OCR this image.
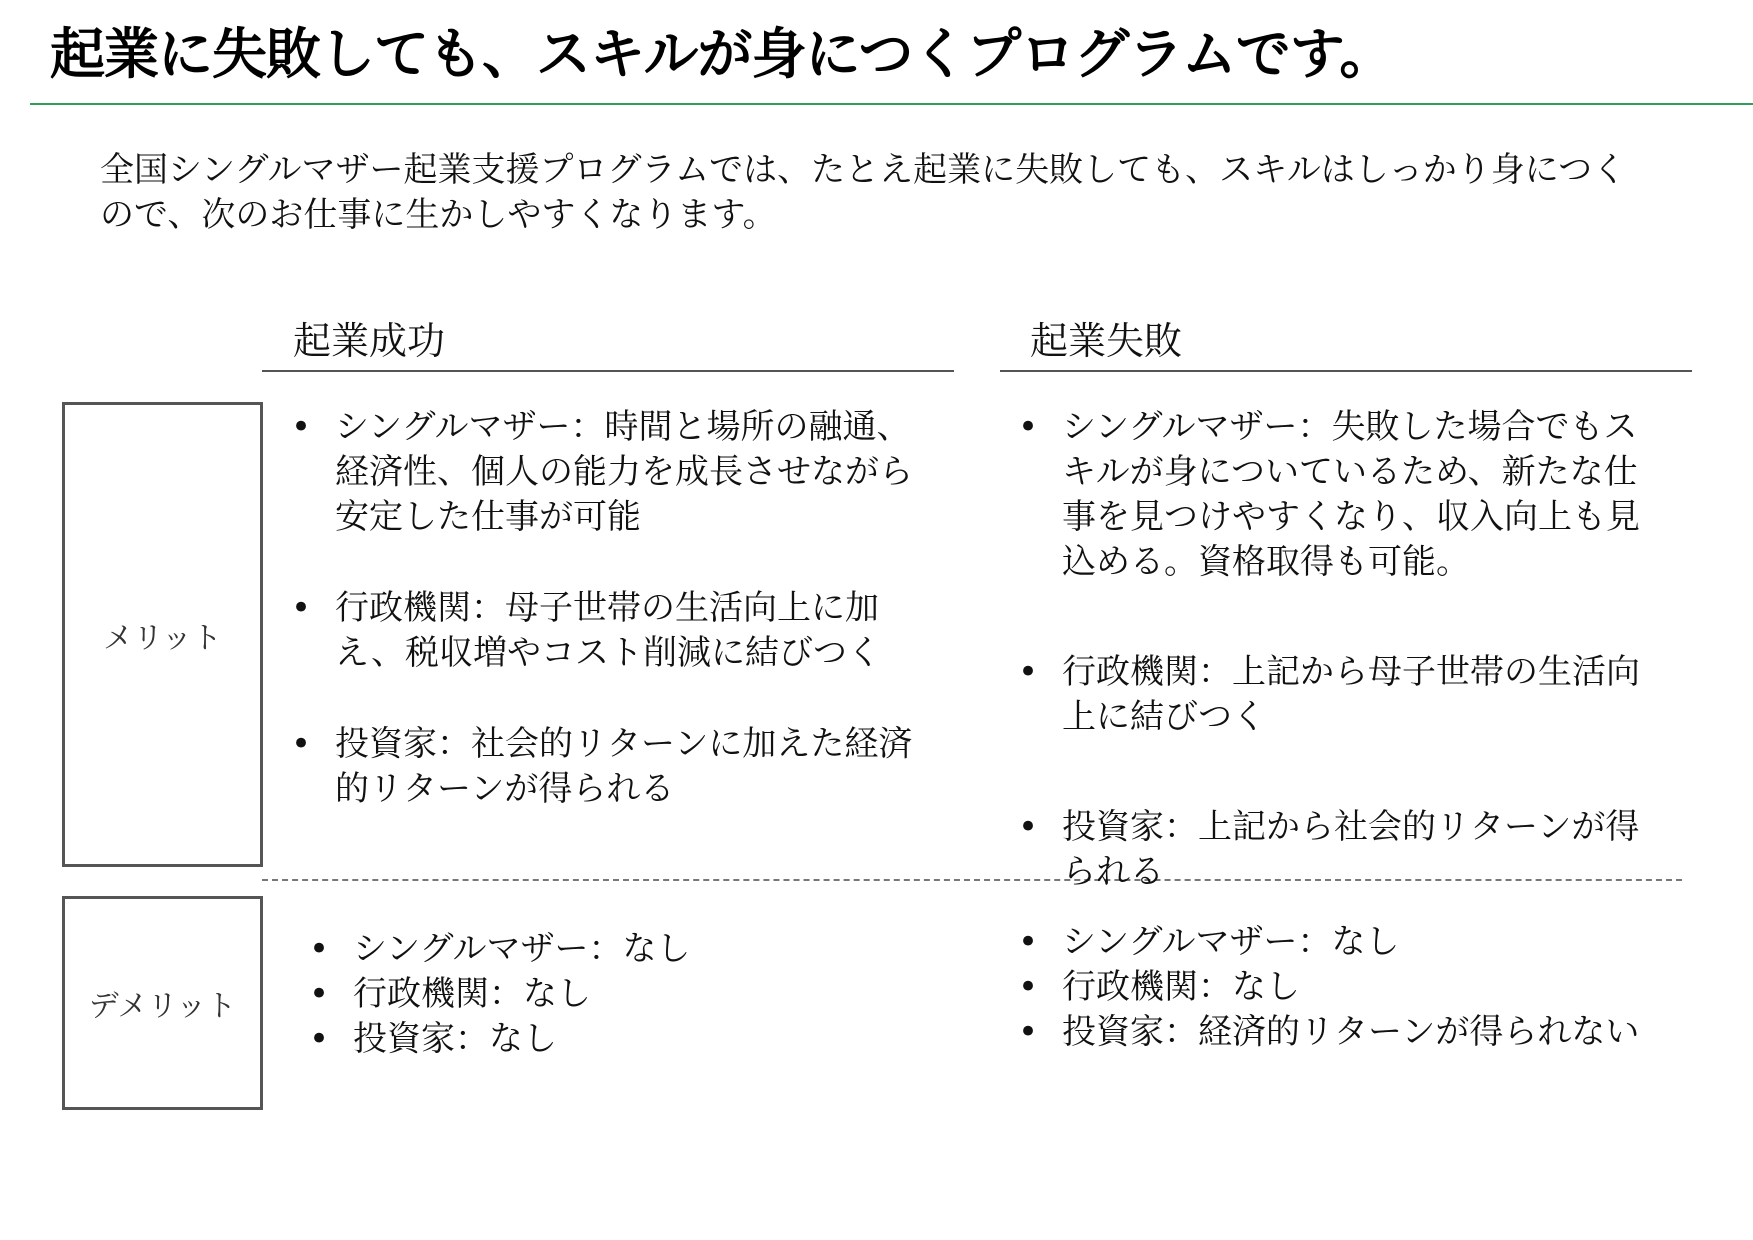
起業に失敗しても、スキルが身につくプログラムです。
全国シングルマザー起業支援プログラムでは、たとえ起業に失敗しても、スキルはしっかり身につく
ので、次のお仕事に生かしやすくなります。
起業成功	起業失敗
メリット
デメリット
• シングルマザー：時間と場所の融通、経済性、個人の能力を成長させながら安定した仕事が可能
• 行政機関：母子世帯の生活向上に加え、税収増やコスト削減に結びつく
• 投資家：社会的リターンに加えた経済的リターンが得られる
• シングルマザー：失敗した場合でもスキルが身についているため、新たな仕事を見つけやすくなり、収入向上も見込める。資格取得も可能。
• 行政機関：上記から母子世帯の生活向上に結びつく
• 投資家：上記から社会的リターンが得られる
• シングルマザー：なし
• 行政機関：なし
• 投資家：なし
• シングルマザー：なし
• 行政機関：なし
• 投資家：経済的リターンが得られない
